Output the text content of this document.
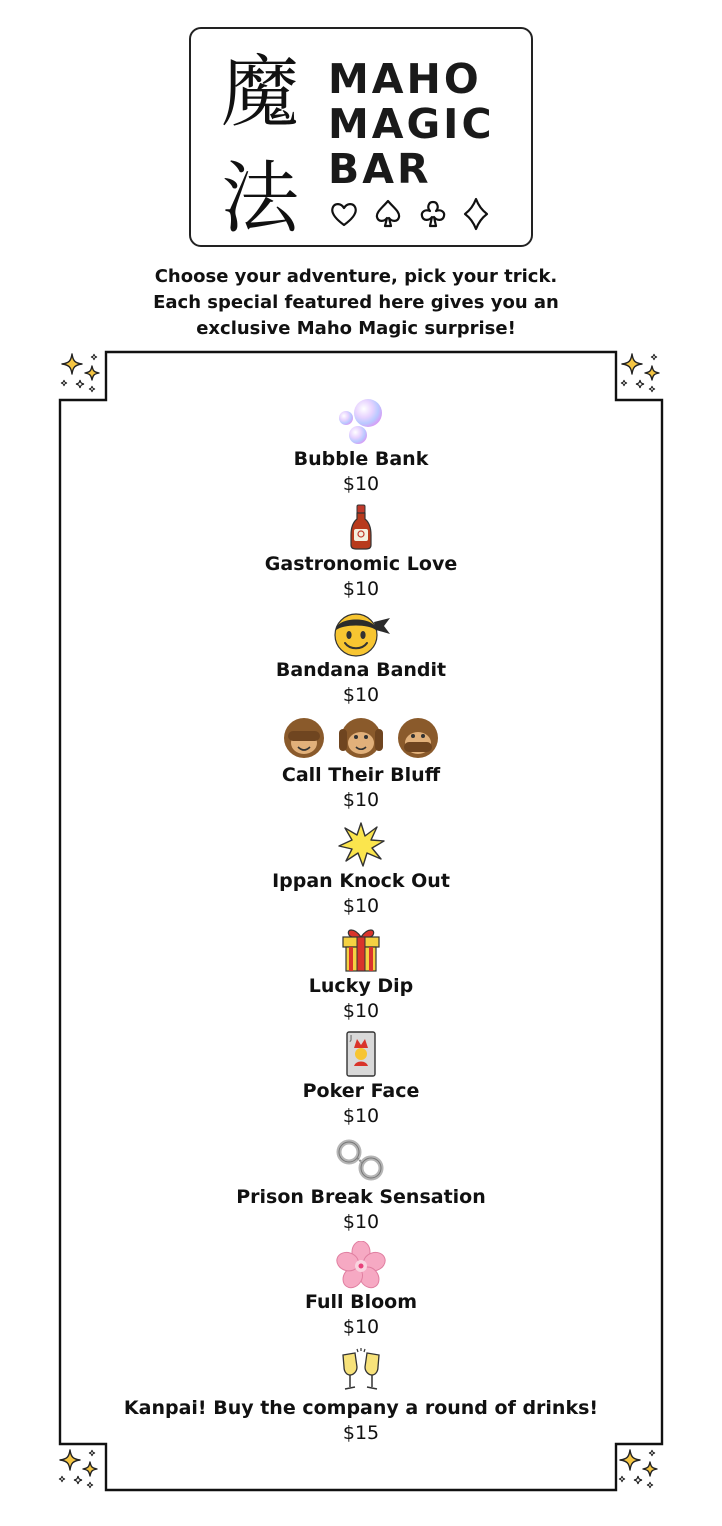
魔
法
MAHO
MAGIC
BAR
Choose your adventure, pick your trick.
Each special featured here gives you an
exclusive Maho Magic surprise!
Bubble Bank
$10
Gastronomic Love
$10
Bandana Bandit
$10
Call Their Bluff
$10
Ippan Knock Out
$10
Lucky Dip
$10
J
Poker Face
$10
Prison Break Sensation
$10
Full Bloom
$10
Kanpai! Buy the company a round of drinks!
$15
